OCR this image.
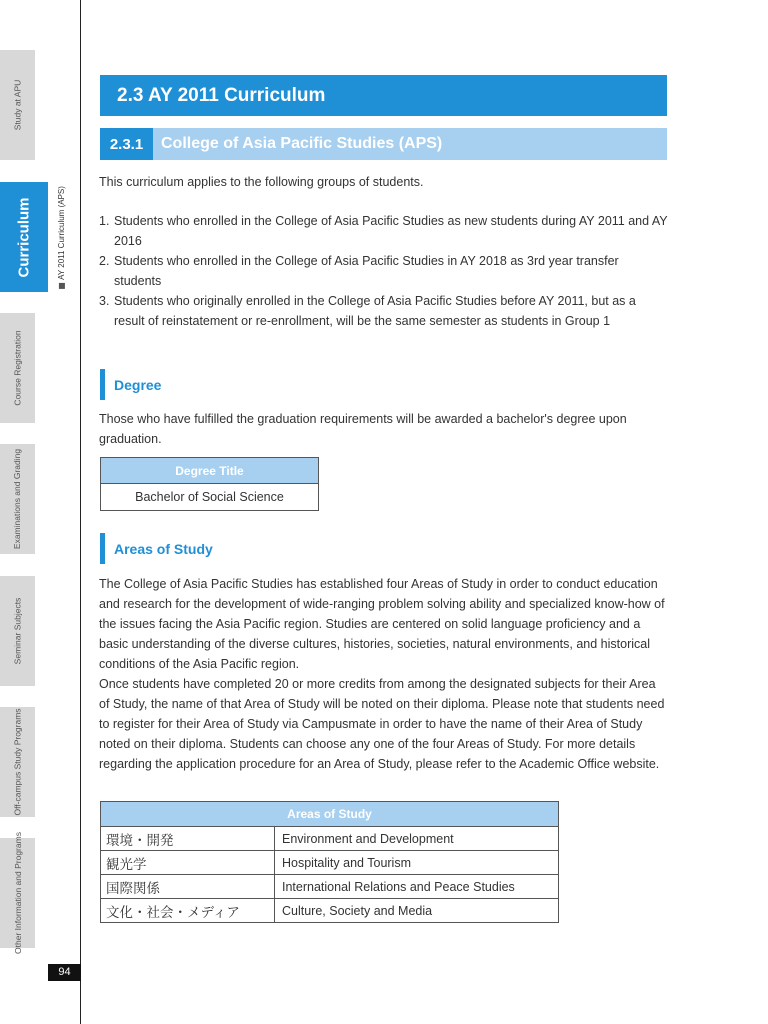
Study at APU
Curriculum
Course Registration
Examinations and Grading
Seminar Subjects
Off-campus Study Programs
Other Information and Programs
AY 2011 Curriculum (APS)
94
2.3 AY 2011 Curriculum
2.3.1	College of Asia Pacific Studies (APS)

This curriculum applies to the following groups of students.

1. Students who enrolled in the College of Asia Pacific Studies as new students during AY 2011 and AY 2016
2. Students who enrolled in the College of Asia Pacific Studies in AY 2018 as 3rd year transfer students
3. Students who originally enrolled in the College of Asia Pacific Studies before AY 2011, but as a result of reinstatement or re-enrollment, will be the same semester as students in Group 1
Degree

Those who have fulfilled the graduation requirements will be awarded a bachelor's degree upon graduation.

Degree Title
Bachelor of Social Science
Areas of Study

The College of Asia Pacific Studies has established four Areas of Study in order to conduct education and research for the development of wide-ranging problem solving ability and specialized know-how of the issues facing the Asia Pacific region. Studies are centered on solid language proficiency and a basic understanding of the diverse cultures, histories, societies, natural environments, and historical conditions of the Asia Pacific region.

Once students have completed 20 or more credits from among the designated subjects for their Area of Study, the name of that Area of Study will be noted on their diploma. Please note that students need to register for their Area of Study via Campusmate in order to have the name of their Area of Study noted on their diploma. Students can choose any one of the four Areas of Study. For more details regarding the application procedure for an Area of Study, please refer to the Academic Office website.

Areas of Study	
環境・開発	Environment and Development
観光学	Hospitality and Tourism
国際関係	International Relations and Peace Studies
文化・社会・メディア	Culture, Society and Media
